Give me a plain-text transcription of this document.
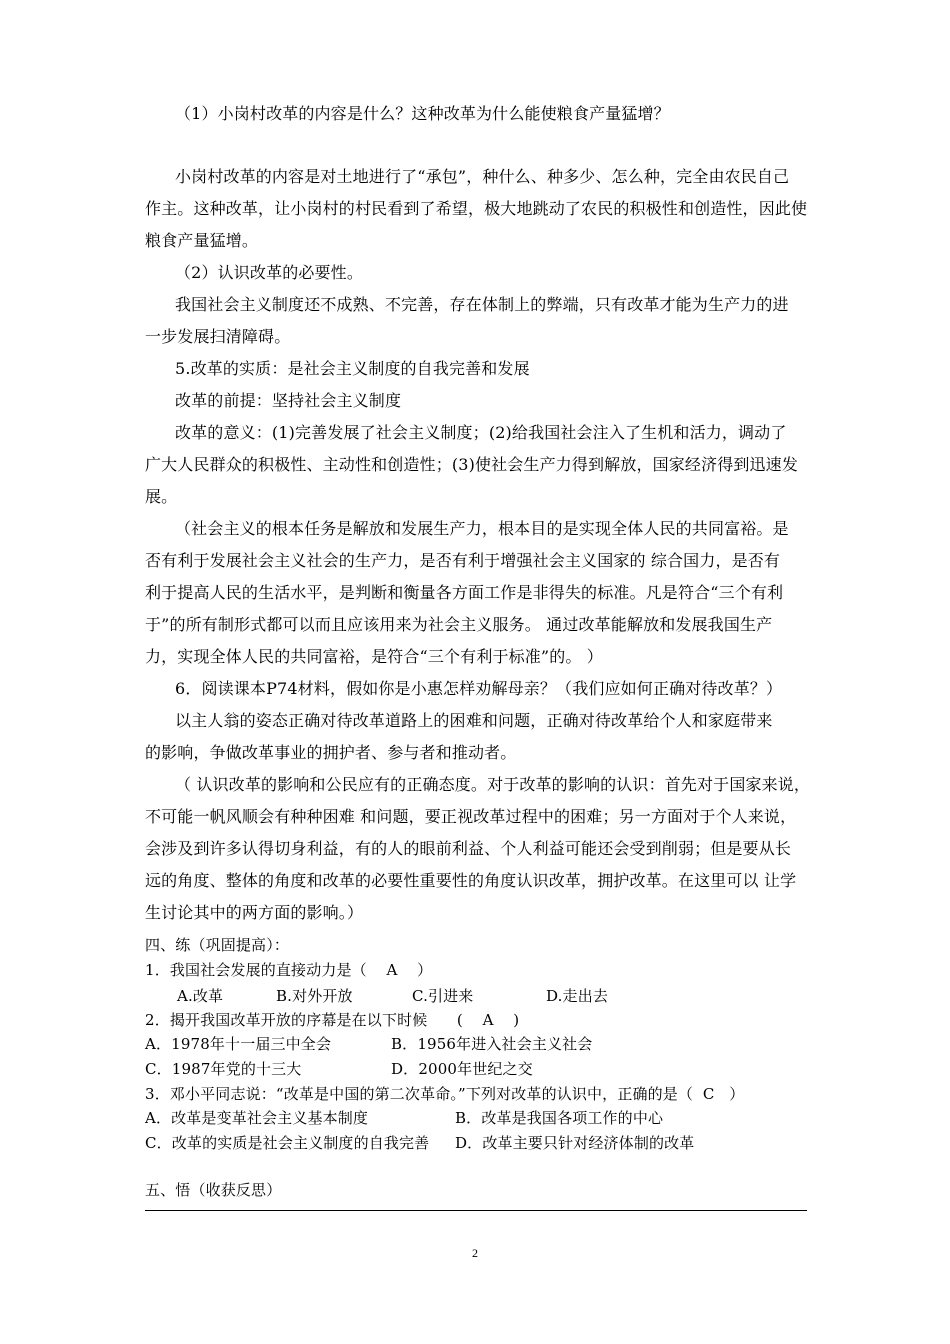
（1）小岗村改革的内容是什么？这种改革为什么能使粮食产量猛增？
小岗村改革的内容是对土地进行了“承包”，种什么、种多少、怎么种，完全由农民自己
作主。这种改革，让小岗村的村民看到了希望，极大地跳动了农民的积极性和创造性，因此使
粮食产量猛增。
（2）认识改革的必要性。
我国社会主义制度还不成熟、不完善，存在体制上的弊端，只有改革才能为生产力的进
一步发展扫清障碍。
5.改革的实质：是社会主义制度的自我完善和发展
改革的前提：坚持社会主义制度
改革的意义：(1)完善发展了社会主义制度；(2)给我国社会注入了生机和活力，调动了
广大人民群众的积极性、主动性和创造性；(3)使社会生产力得到解放，国家经济得到迅速发
展。
（社会主义的根本任务是解放和发展生产力，根本目的是实现全体人民的共同富裕。是
否有利于发展社会主义社会的生产力，是否有利于增强社会主义国家的 综合国力，是否有
利于提高人民的生活水平，是判断和衡量各方面工作是非得失的标准。凡是符合“三个有利
于”的所有制形式都可以而且应该用来为社会主义服务。 通过改革能解放和发展我国生产
力，实现全体人民的共同富裕，是符合“三个有利于标准”的。 ）
6．阅读课本P74材料，假如你是小惠怎样劝解母亲？（我们应如何正确对待改革？）
以主人翁的姿态正确对待改革道路上的困难和问题，正确对待改革给个人和家庭带来
的影响，争做改革事业的拥护者、参与者和推动者。
（ 认识改革的影响和公民应有的正确态度。对于改革的影响的认识：首先对于国家来说，
不可能一帆风顺会有种种困难 和问题，要正视改革过程中的困难；另一方面对于个人来说，
会涉及到许多认得切身利益，有的人的眼前利益、个人利益可能还会受到削弱；但是要从长
远的角度、整体的角度和改革的必要性重要性的角度认识改革，拥护改革。在这里可以 让学
生讨论其中的两方面的影响。）
四、练（巩固提高）：
1．我国社会发展的直接动力是（    A    ）
A.改革	B.对外开放	C.引进来	D.走出去
2．揭开我国改革开放的序幕是在以下时候      (    A    )
A．1978年十一届三中全会	B．1956年进入社会主义社会
C．1987年党的十三大	D．2000年世纪之交
3．邓小平同志说：“改革是中国的第二次革命。”下列对改革的认识中，正确的是（  C   ）
A．改革是变革社会主义基本制度	B．改革是我国各项工作的中心
C．改革的实质是社会主义制度的自我完善 D．改革主要只针对经济体制的改革
五、悟（收获反思）
2
